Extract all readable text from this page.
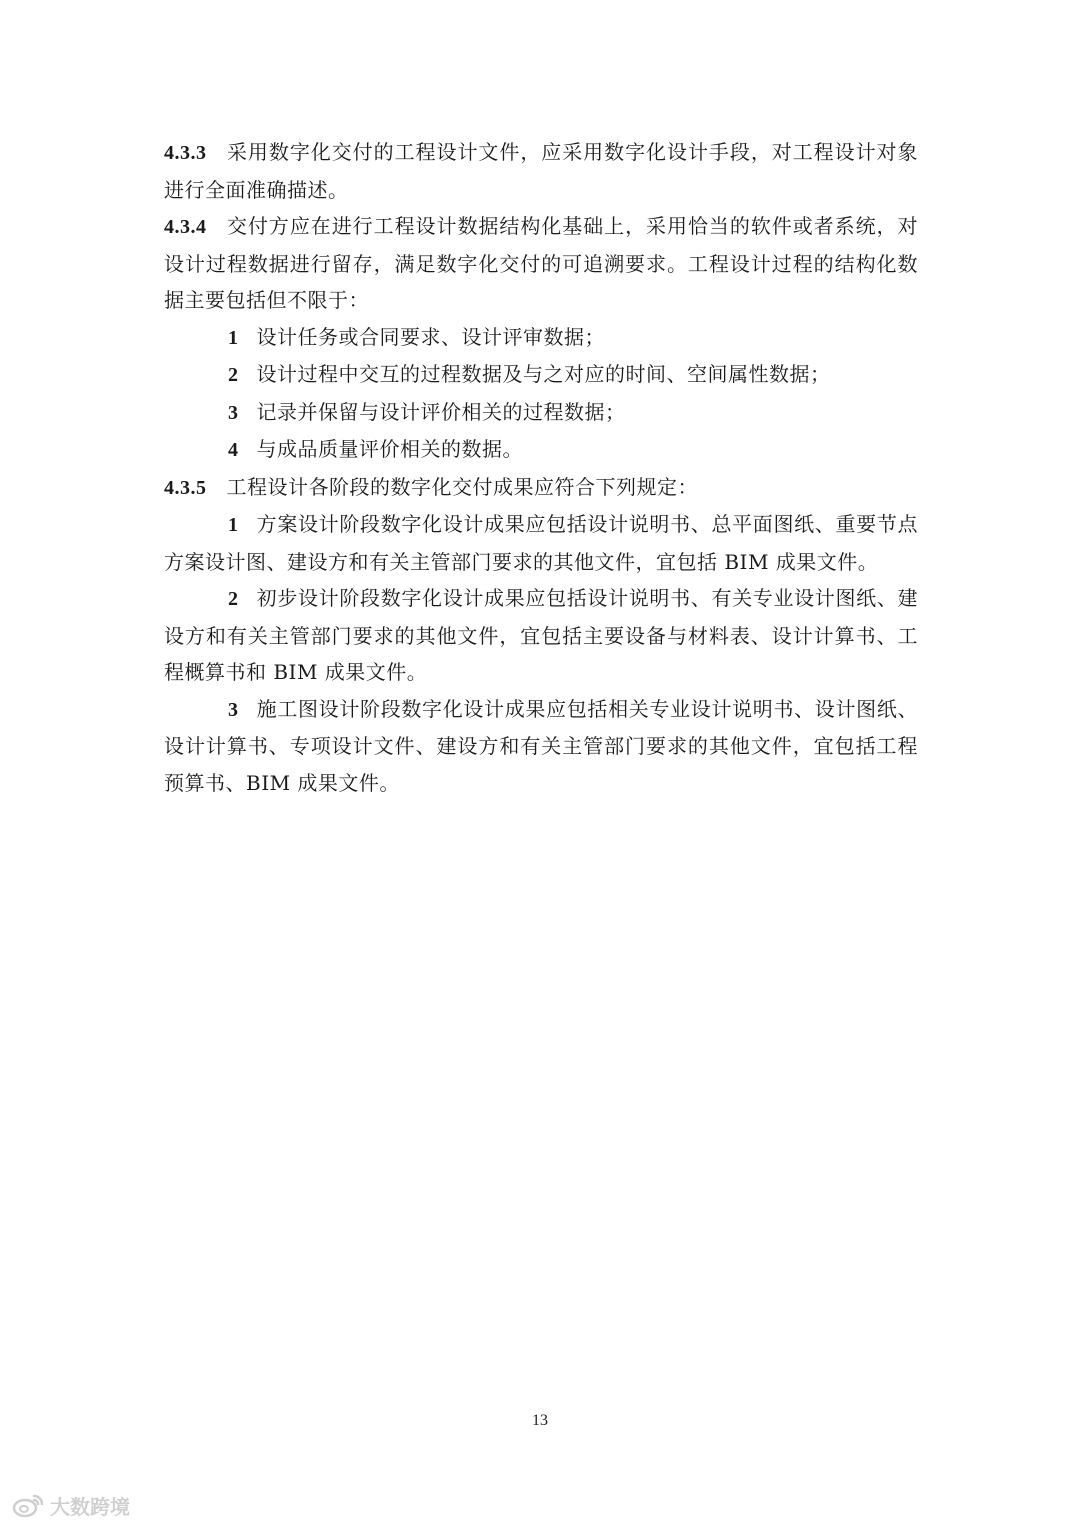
4.3.3 采用数字化交付的工程设计文件，应采用数字化设计手段，对工程设计对象进行全面准确描述。

4.3.4 交付方应在进行工程设计数据结构化基础上，采用恰当的软件或者系统，对设计过程数据进行留存，满足数字化交付的可追溯要求。工程设计过程的结构化数据主要包括但不限于：

1 设计任务或合同要求、设计评审数据；

2 设计过程中交互的过程数据及与之对应的时间、空间属性数据；

3 记录并保留与设计评价相关的过程数据；

4 与成品质量评价相关的数据。

4.3.5 工程设计各阶段的数字化交付成果应符合下列规定：

1 方案设计阶段数字化设计成果应包括设计说明书、总平面图纸、重要节点方案设计图、建设方和有关主管部门要求的其他文件，宜包括 BIM 成果文件。

2 初步设计阶段数字化设计成果应包括设计说明书、有关专业设计图纸、建设方和有关主管部门要求的其他文件，宜包括主要设备与材料表、设计计算书、工程概算书和 BIM 成果文件。

3 施工图设计阶段数字化设计成果应包括相关专业设计说明书、设计图纸、设计计算书、专项设计文件、建设方和有关主管部门要求的其他文件，宜包括工程预算书、BIM 成果文件。

13
大数跨境
